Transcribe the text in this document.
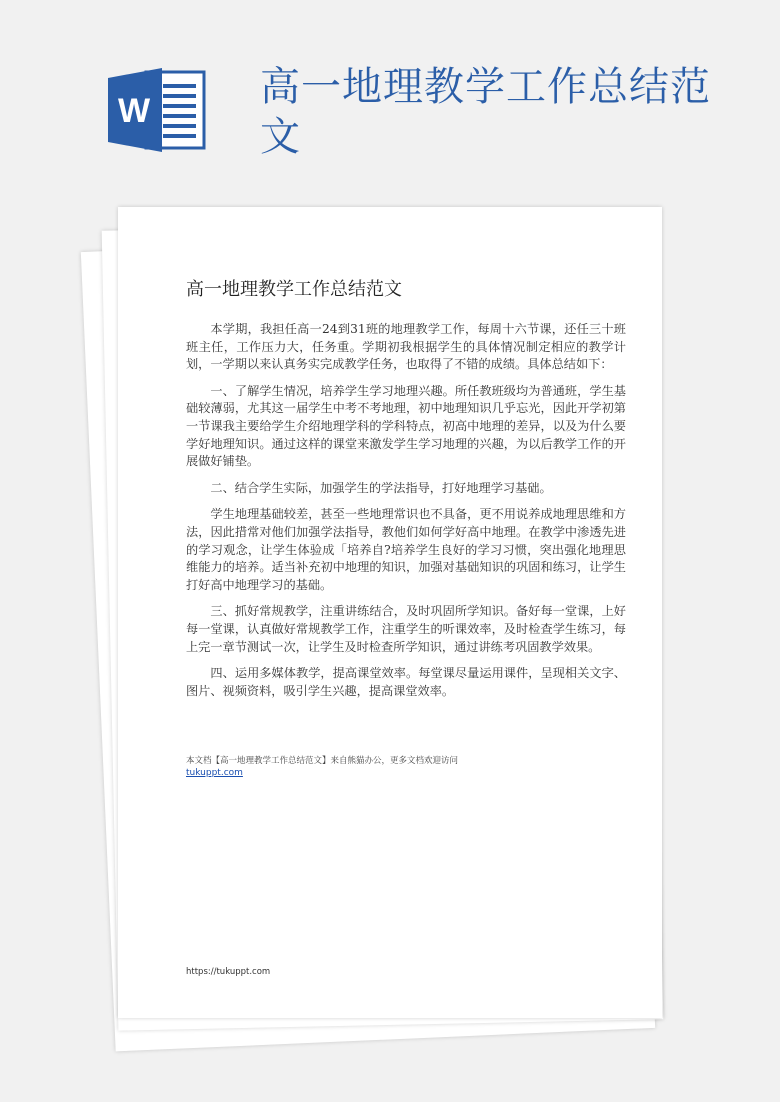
W
高一地理教学工作总结范文
高一地理教学工作总结范文

本学期，我担任高一24到31班的地理教学工作，每周十六节课，还任三十班班主任，工作压力大，任务重。学期初我根据学生的具体情况制定相应的教学计划，一学期以来认真务实完成教学任务，也取得了不错的成绩。具体总结如下：

一、了解学生情况，培养学生学习地理兴趣。所任教班级均为普通班，学生基础较薄弱，尤其这一届学生中考不考地理，初中地理知识几乎忘光，因此开学初第一节课我主要给学生介绍地理学科的学科特点，初高中地理的差异，以及为什么要学好地理知识。通过这样的课堂来激发学生学习地理的兴趣，为以后教学工作的开展做好铺垫。

二、结合学生实际，加强学生的学法指导，打好地理学习基础。

学生地理基础较差，甚至一些地理常识也不具备，更不用说养成地理思维和方法，因此措常对他们加强学法指导，教他们如何学好高中地理。在教学中渗透先进的学习观念，让学生体验成「培养自?培养学生良好的学习习惯，突出强化地理思维能力的培养。适当补充初中地理的知识，加强对基础知识的巩固和练习，让学生打好高中地理学习的基础。

三、抓好常规教学，注重讲练结合，及时巩固所学知识。备好每一堂课，上好每一堂课，认真做好常规教学工作，注重学生的听课效率，及时检查学生练习，每上完一章节测试一次，让学生及时检查所学知识，通过讲练考巩固教学效果。

四、运用多媒体教学，提高课堂效率。每堂课尽量运用课件，呈现相关文字、图片、视频资料，吸引学生兴趣，提高课堂效率。

本文档【高一地理教学工作总结范文】来自熊猫办公，更多文档欢迎访问
tukuppt.com
https://tukuppt.com
